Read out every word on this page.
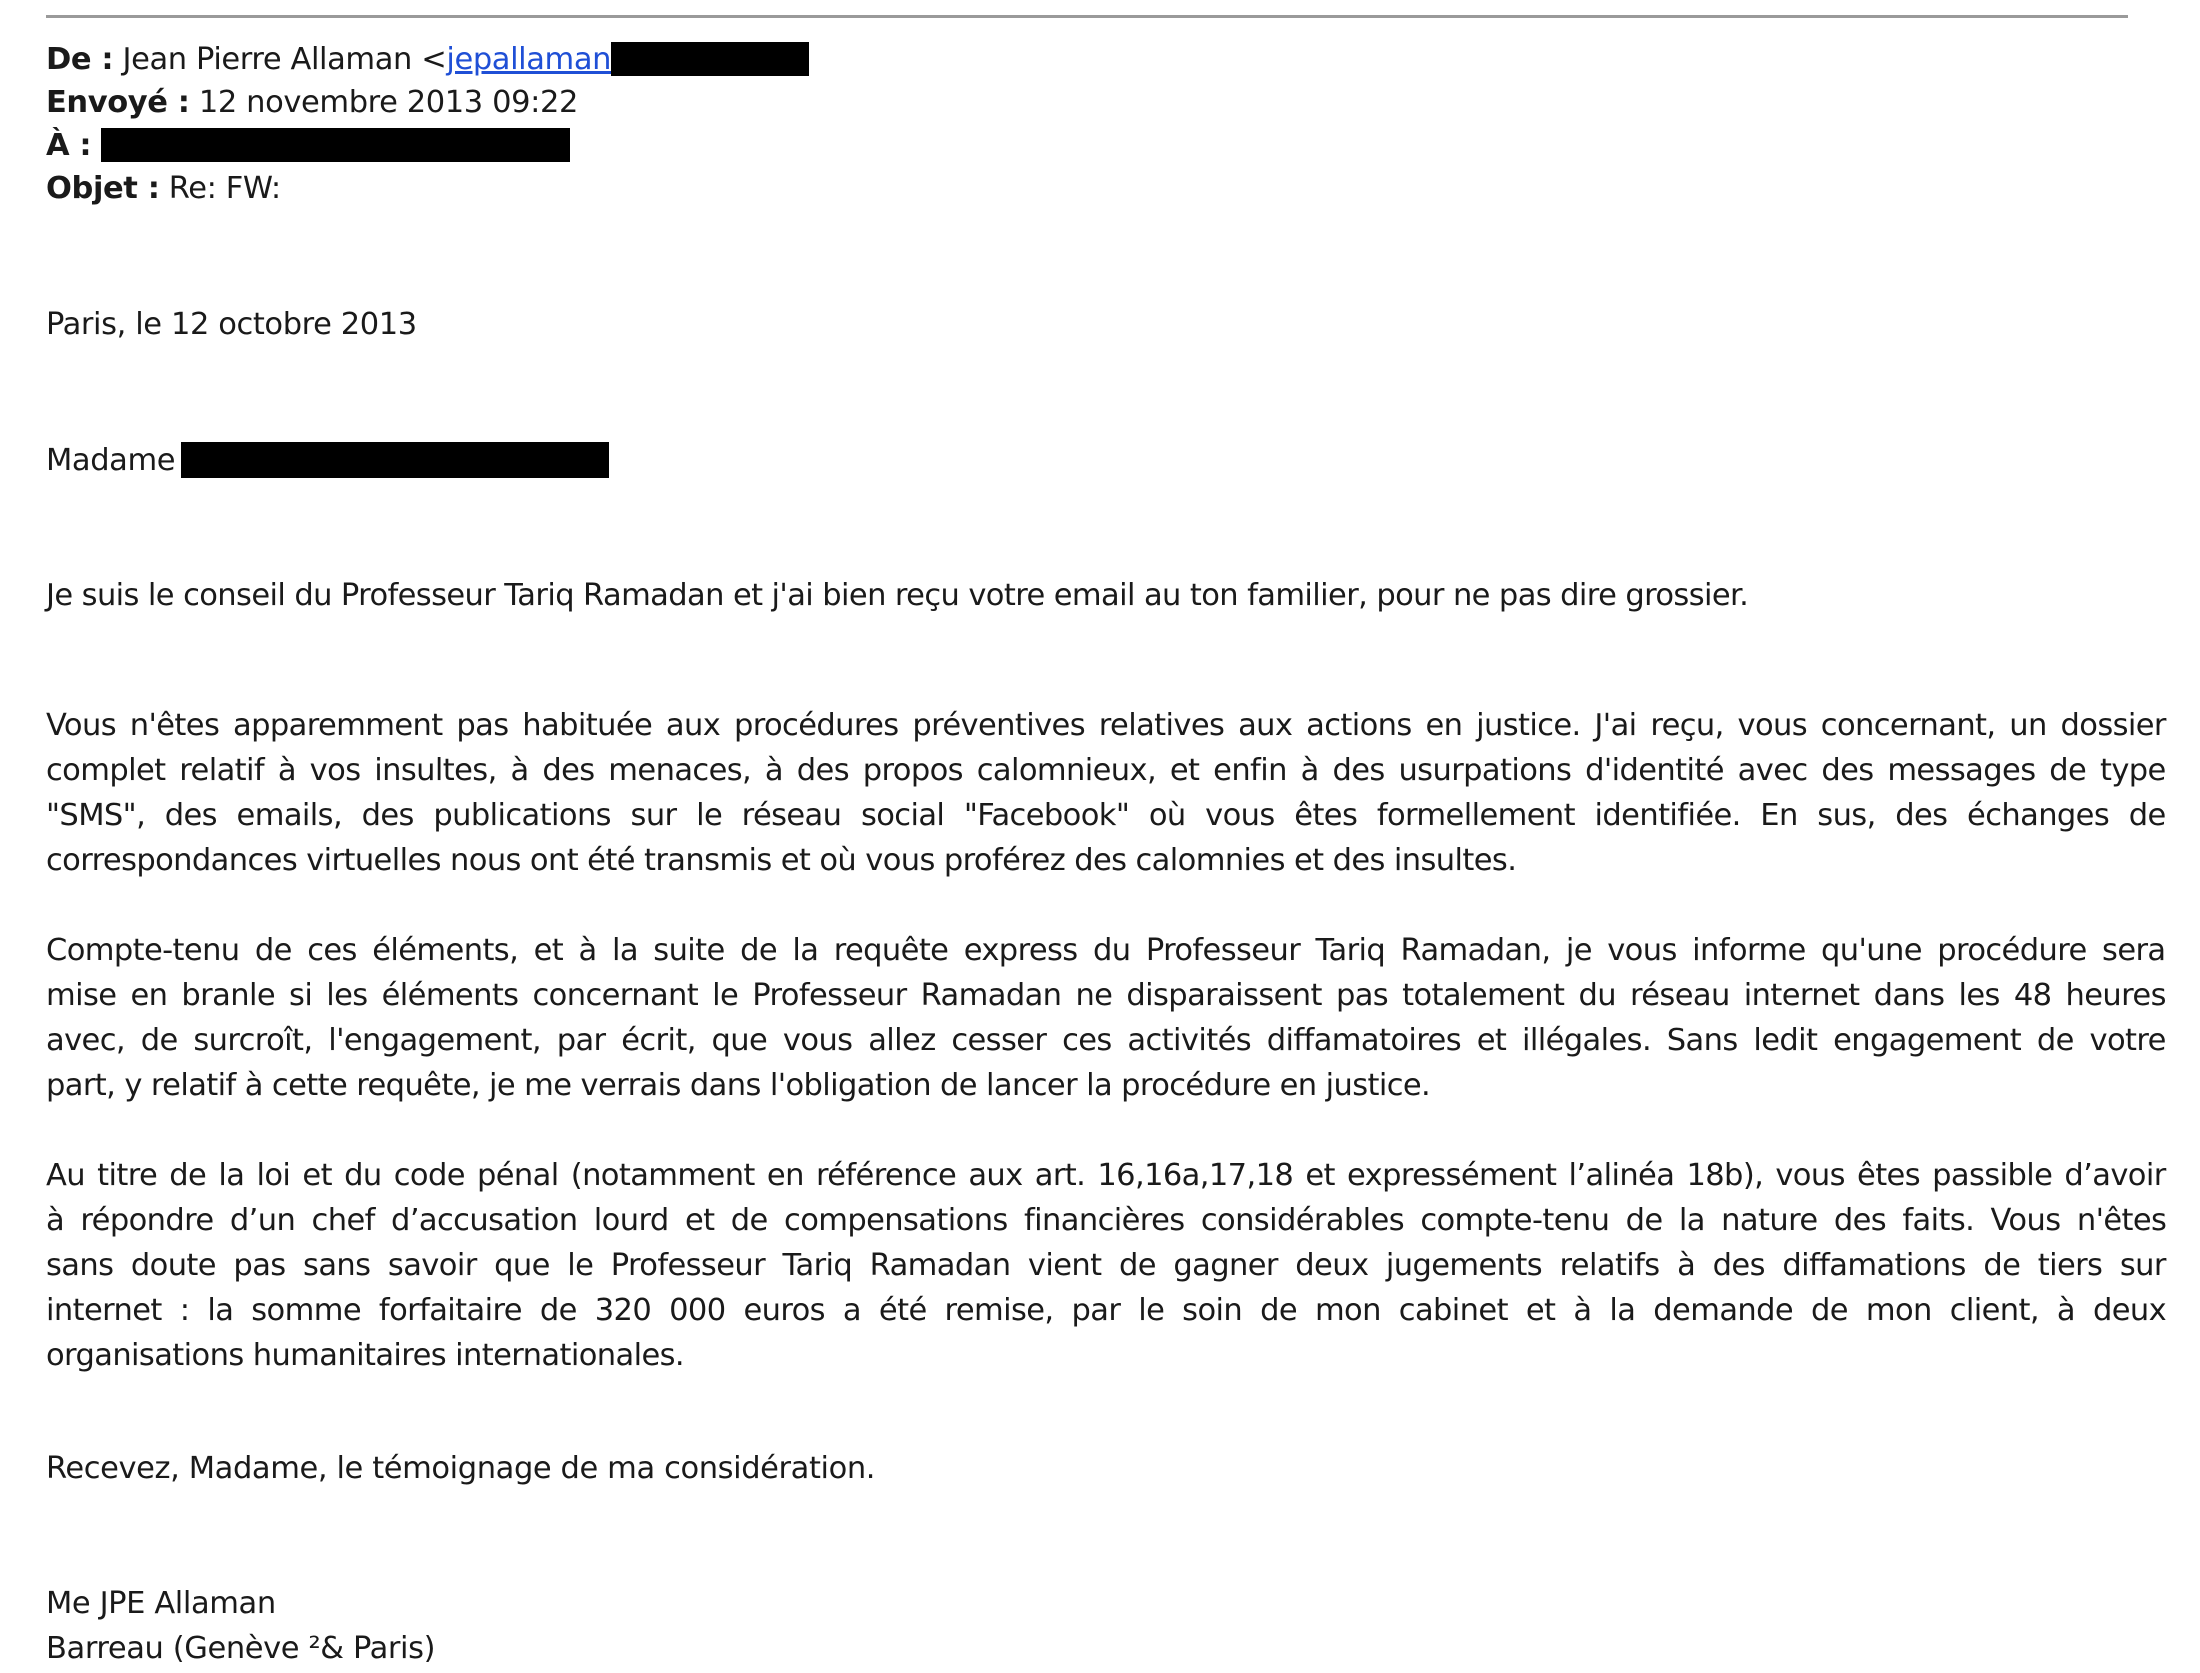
De : Jean Pierre Allaman <jepallaman
Envoyé : 12 novembre 2013 09:22
À :
Objet : Re: FW:
Paris, le 12 octobre 2013
Madame
Je suis le conseil du Professeur Tariq Ramadan et j'ai bien reçu votre email au ton familier, pour ne pas dire grossier.
Vous n'êtes apparemment pas habituée aux procédures préventives relatives aux actions en justice. J'ai reçu, vous concernant, un dossier
complet relatif à vos insultes, à des menaces, à des propos calomnieux, et enfin à des usurpations d'identité avec des messages de type
"SMS", des emails, des publications sur le réseau social "Facebook" où vous êtes formellement identifiée. En sus, des échanges de
correspondances virtuelles nous ont été transmis et où vous proférez des calomnies et des insultes.
Compte-tenu de ces éléments, et à la suite de la requête express du Professeur Tariq Ramadan, je vous informe qu'une procédure sera
mise en branle si les éléments concernant le Professeur Ramadan ne disparaissent pas totalement du réseau internet dans les 48 heures
avec, de surcroît, l'engagement, par écrit, que vous allez cesser ces activités diffamatoires et illégales. Sans ledit engagement de votre
part, y relatif à cette requête, je me verrais dans l'obligation de lancer la procédure en justice.
Au titre de la loi et du code pénal (notamment en référence aux art. 16,16a,17,18 et expressément l’alinéa 18b), vous êtes passible d’avoir
à répondre d’un chef d’accusation lourd et de compensations financières considérables compte-tenu de la nature des faits. Vous n'êtes
sans doute pas sans savoir que le Professeur Tariq Ramadan vient de gagner deux jugements relatifs à des diffamations de tiers sur
internet : la somme forfaitaire de 320 000 euros a été remise, par le soin de mon cabinet et à la demande de mon client, à deux
organisations humanitaires internationales.
Recevez, Madame, le témoignage de ma considération.
Me JPE Allaman
Barreau (Genève ²& Paris)
